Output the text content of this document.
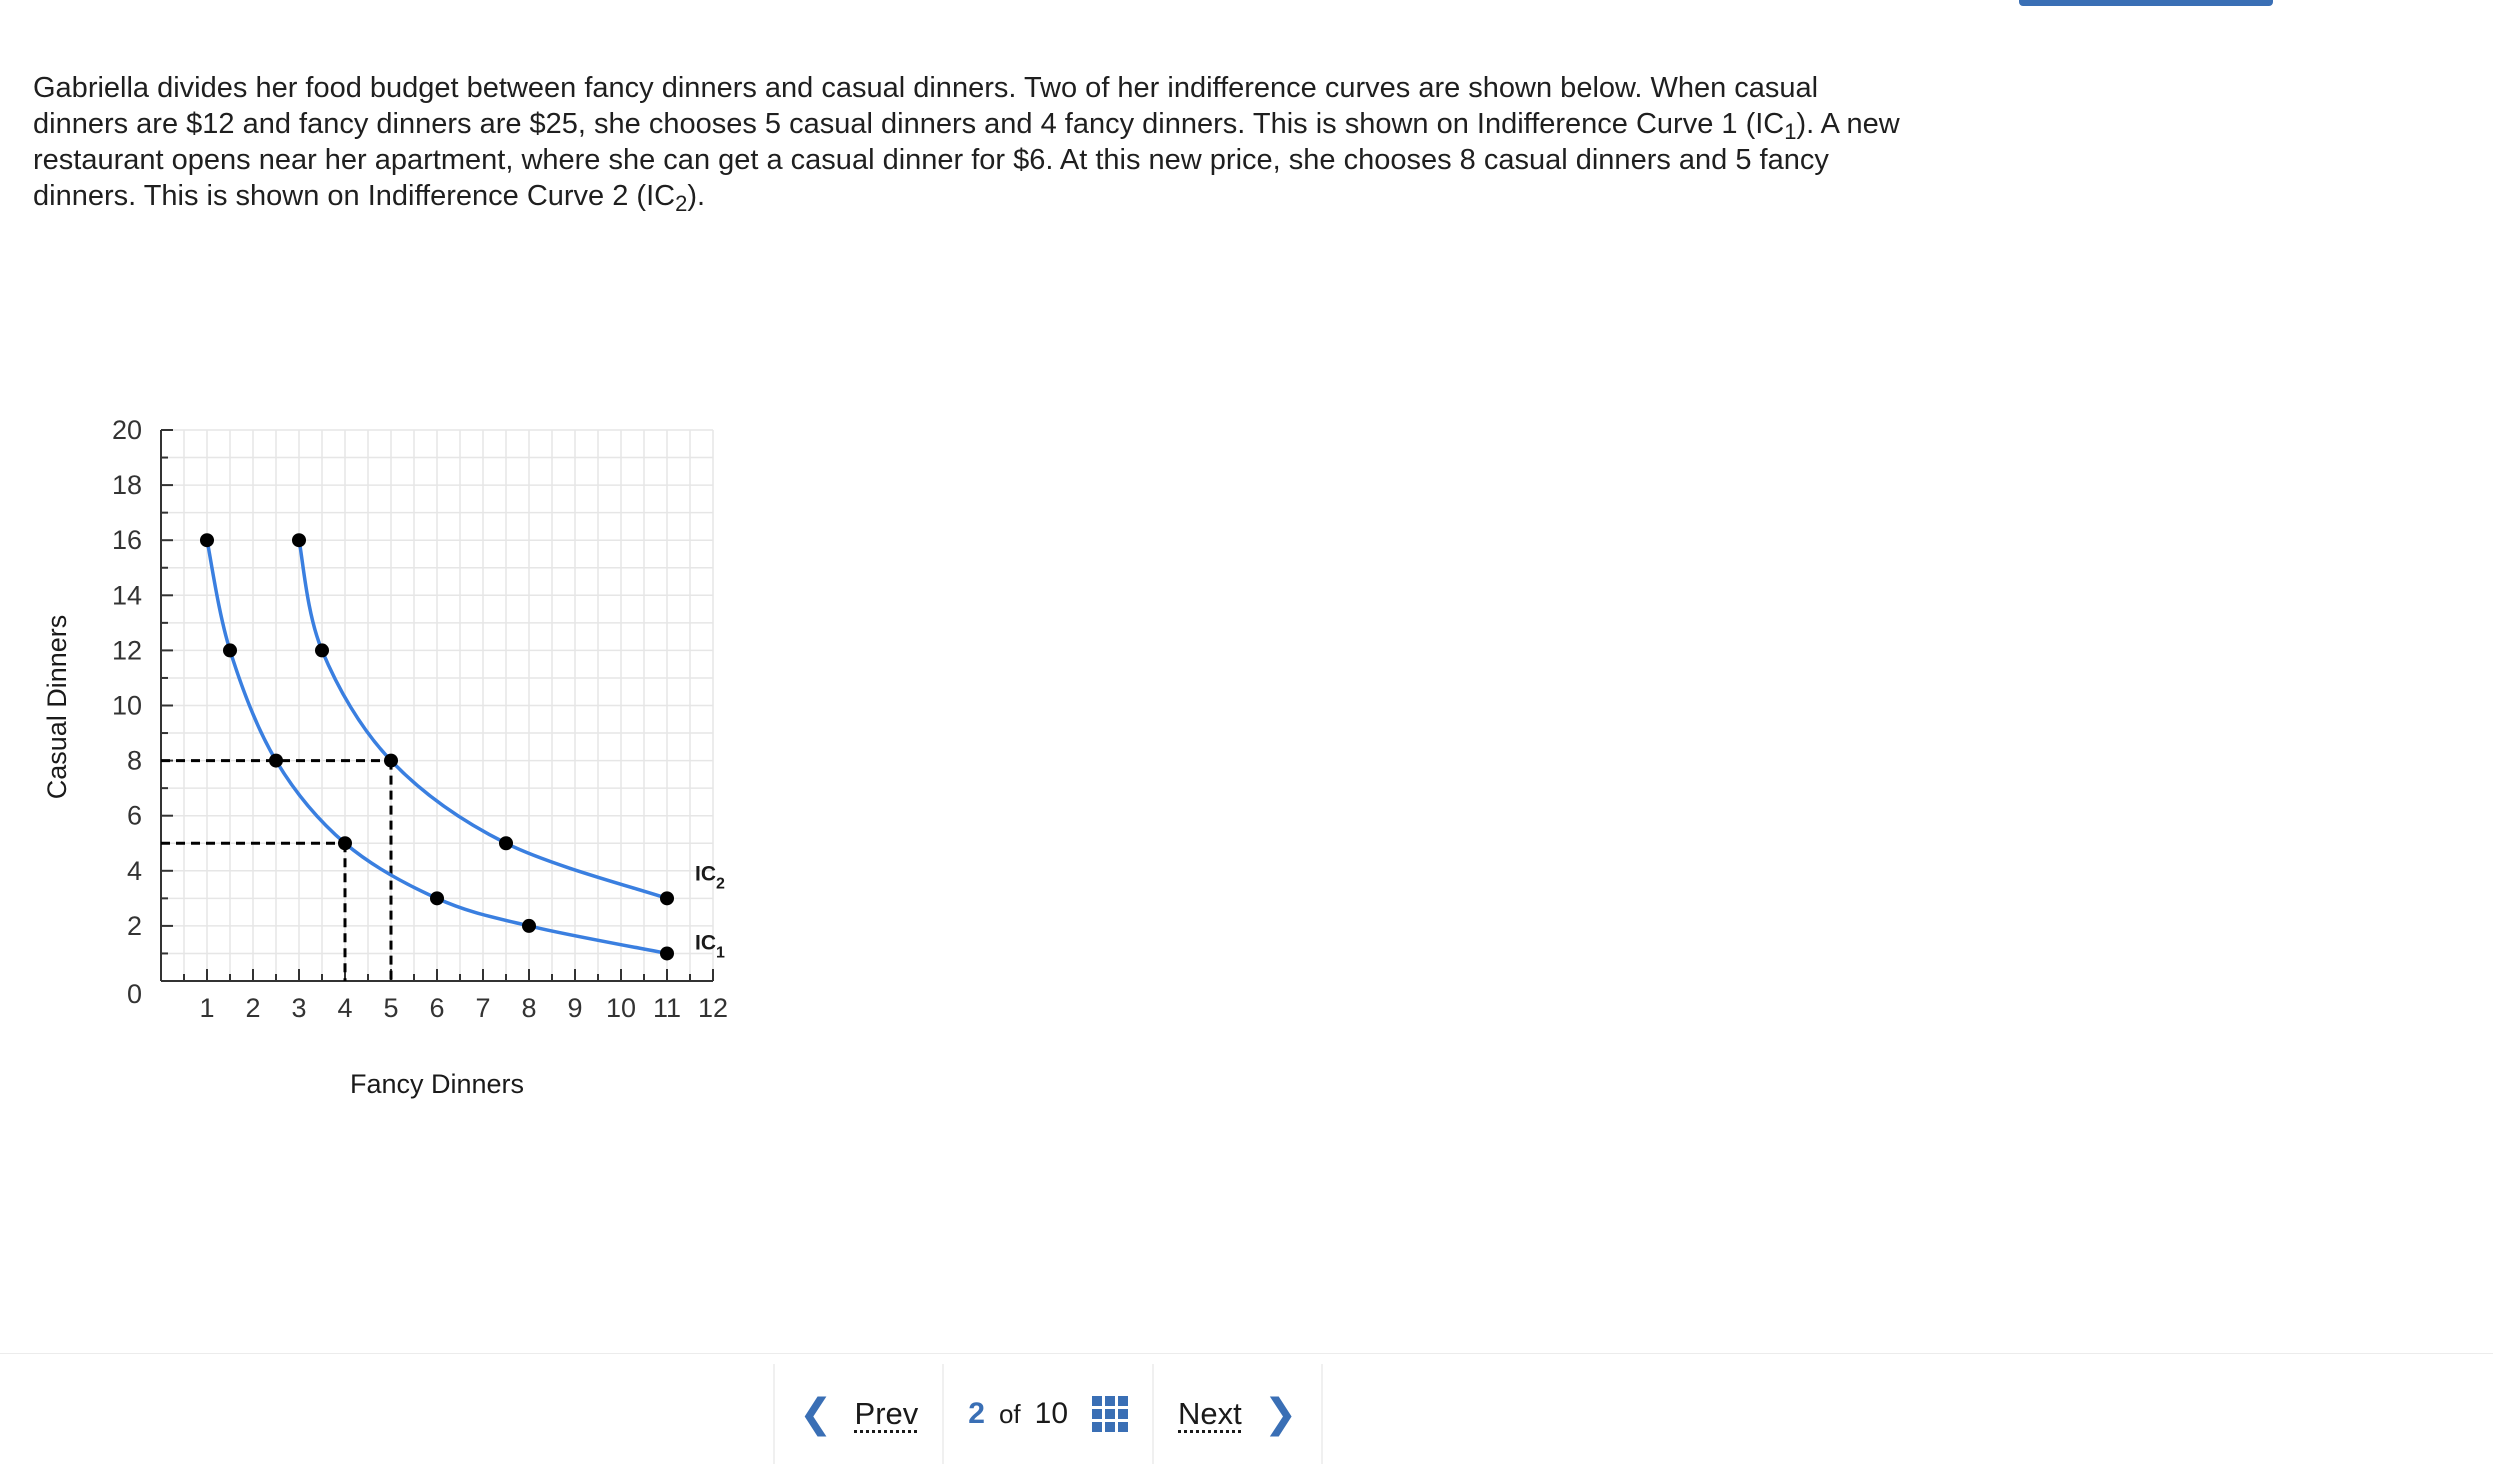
Gabriella divides her food budget between fancy dinners and casual dinners. Two of her indifference curves are shown below. When casual dinners are $12 and fancy dinners are $25, she chooses 5 casual dinners and 4 fancy dinners. This is shown on Indifference Curve 1 $(IC_1)$. A new restaurant opens near her apartment, where she can get a casual dinner for $6. At this new price, she chooses 8 casual dinners and 5 fancy dinners. This is shown on Indifference Curve 2 $(IC_2)$.
1 2 3 4 5 6 7 8 9 10 11 12
0
2
4
6
8
10
12
14
16
18
20
Fancy Dinners
Casual Dinners
$IC_1$
$IC_2$
❮ Prev 2 of 10	Next ❯
